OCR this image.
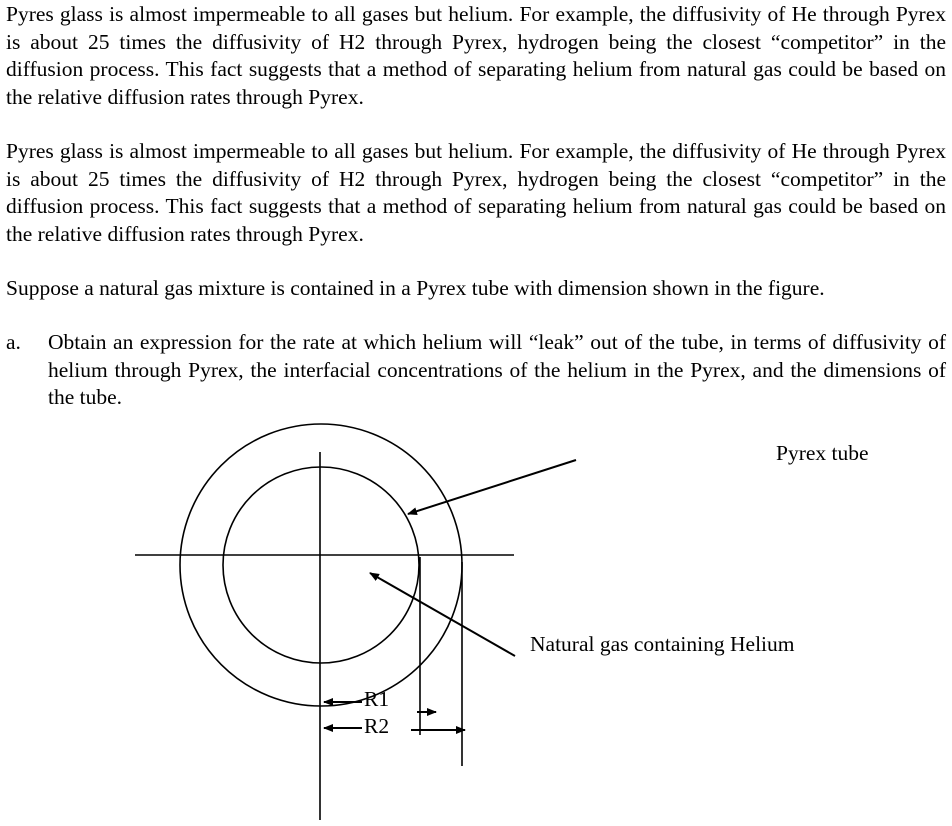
Pyres glass is almost impermeable to all gases but helium. For example, the diffusivity of He through Pyrex is about 25 times the diffusivity of H2 through Pyrex, hydrogen being the closest “competitor” in the diffusion process. This fact suggests that a method of separating helium from natural gas could be based on the relative diffusion rates through Pyrex.

Pyres glass is almost impermeable to all gases but helium. For example, the diffusivity of He through Pyrex is about 25 times the diffusivity of H2 through Pyrex, hydrogen being the closest “competitor” in the diffusion process. This fact suggests that a method of separating helium from natural gas could be based on the relative diffusion rates through Pyrex.

Suppose a natural gas mixture is contained in a Pyrex tube with dimension shown in the figure.

a. Obtain an expression for the rate at which helium will “leak” out of the tube, in terms of diffusivity of helium through Pyrex, the interfacial concentrations of the helium in the Pyrex, and the dimensions of the tube.
Pyrex tube
Natural gas containing Helium
R1
R2
